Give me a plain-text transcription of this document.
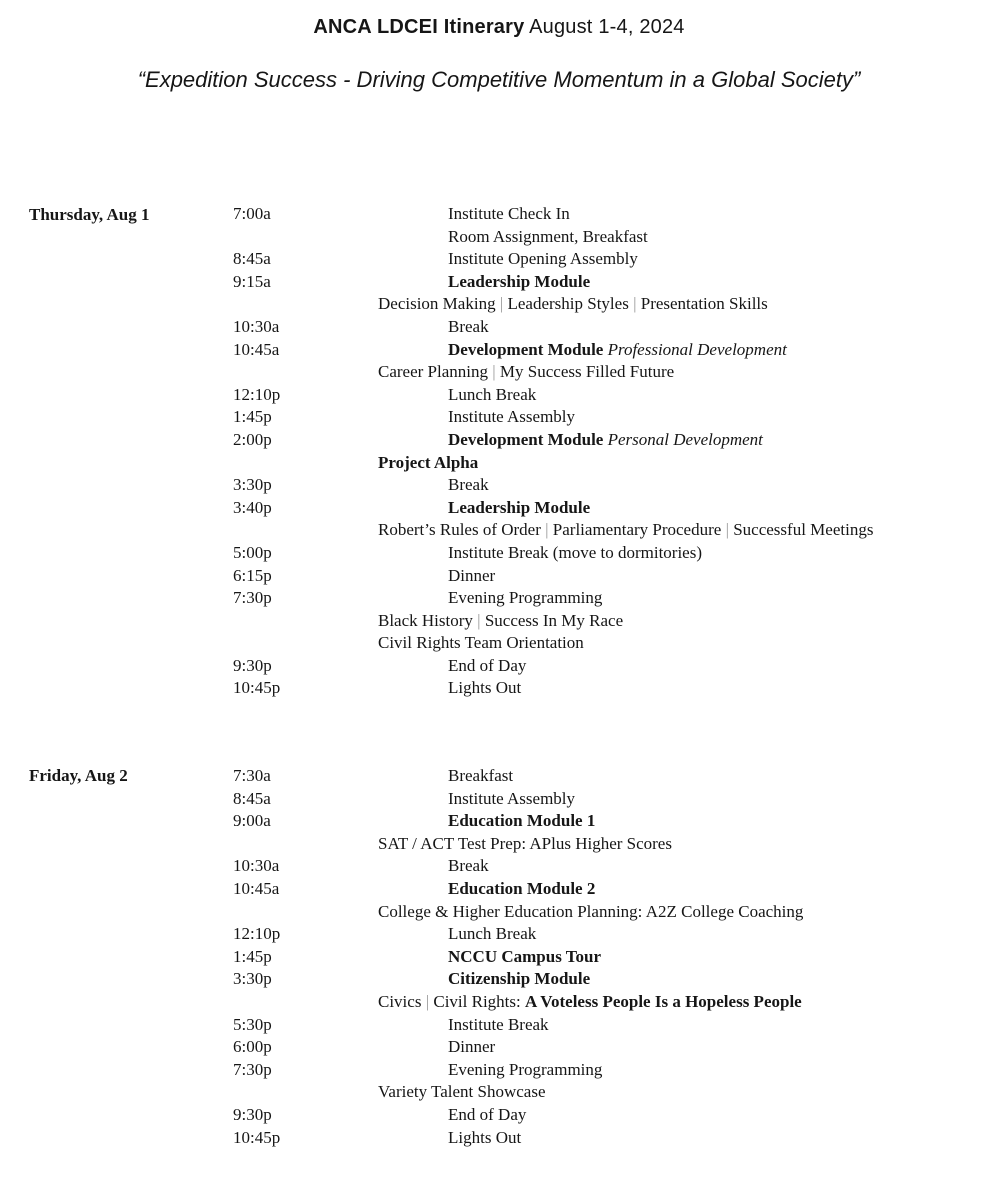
ANCA LDCEI Itinerary August 1-4, 2024
“Expedition Success - Driving Competitive Momentum in a Global Society”
Thursday, Aug 1	7:00a	Institute Check In
Room Assignment, Breakfast
8:45a	Institute Opening Assembly
9:15a	Leadership Module
Decision Making | Leadership Styles | Presentation Skills
10:30a	Break
10:45a	Development Module Professional Development
Career Planning | My Success Filled Future
12:10p	Lunch Break
1:45p	Institute Assembly
2:00p	Development Module Personal Development
Project Alpha
3:30p	Break
3:40p	Leadership Module
Robert’s Rules of Order | Parliamentary Procedure | Successful Meetings
5:00p	Institute Break (move to dormitories)
6:15p	Dinner
7:30p	Evening Programming
Black History | Success In My Race
Civil Rights Team Orientation
9:30p	End of Day
10:45p	Lights Out
Friday, Aug 2	7:30a	Breakfast
8:45a	Institute Assembly
9:00a	Education Module 1
SAT / ACT Test Prep: APlus Higher Scores
10:30a	Break
10:45a	Education Module 2
College & Higher Education Planning: A2Z College Coaching
12:10p	Lunch Break
1:45p	NCCU Campus Tour
3:30p	Citizenship Module
Civics | Civil Rights: A Voteless People Is a Hopeless People
5:30p	Institute Break
6:00p	Dinner
7:30p	Evening Programming
Variety Talent Showcase
9:30p	End of Day
10:45p	Lights Out
